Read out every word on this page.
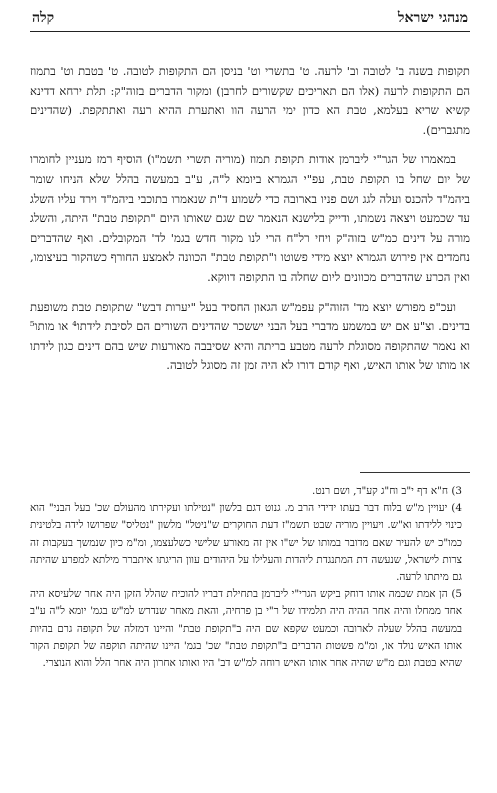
מנהגי ישראל
קלה

תקופות בשנה ב' לטובה וב' לרעה. ט' בתשרי וט' בניסן הם התקופות לטובה. ט' בטבת וט' בתמוז הם התקופות לרעה (אלו הם תאריכים שקשורים לחרבן) ומקור הדברים בזוה"ק: תלת ירחא דדינא קשיא שריא בעלמא, טבת הא כדון ימי הרעה הוו ואתערת ההיא רעה ואתתקפת. (שהדינים מתגברים).

במאמרו של הגר"י ליברמן אודות תקופת תמוז (מוריה תשרי תשמ"ו) הוסיף רמז מעניין לחומרו של יום שחל בו תקופת טבת, עפ"י הגמרא ביומא ל"ה, ע"ב במעשה בהלל שלא הניחו שומר ביהמ"ד להכנס ועלה לגג ושם פניו בארובה כדי לשמוע ד"ת שנאמרו בתוכבי ביהמ"ד וירד עליו השלג עד שכמעט ויצאה נשמתו, ודייק בלישנא הנאמר שם שגם שאותו היום "תקופת טבת" היתה, והשלג מורה על דינים כמ"ש בזוה"ק ויחי רל"ח הרי לנו מקור חדש בגמ' לד' המקובלים. ואף שהדברים נחמדים אין פירוש הגמרא יוצא מידי פשוטו ו"תקופת טבת" הכוונה לאמצע החורף כשהקור בעיצומו, ואין הכרע שהדברים מכוונים ליום שחלה בו התקופה דווקא.

ועכ"פ מפורש יוצא מד' הזוה"ק עפמ"ש הגאון החסיד בעל "יערות דבש" שתקופת טבת משופעת בדינים. וצ"ע אם יש במשמע מדברי בעל הבני יששכר שהדינים השורים הם לסיבת לידתו⁴ או מותו⁵ וא נאמר שהתקופה מסוגלת לרעה מטבע בריתה והיא שסיבבה מאורעות שיש בהם דינים כגון לידתו או מותו של אותו האיש, ואף קודם דורו לא היה זמן זה מסוגל לטובה.

3) ח"א דף י"ב וח"ג קע"ד, ושם רנט.

4) יעויין מ"ש בלוח דבר בעתו ידידי הרב מ. גנוט דגם בלשון "נטילתו ועקירתו מהעולם שכ' בעל הבני" הוא כינוי ללידתו וא"ש. ויעויין מוריה שבט תשמ"ז דעת החוקרים ש"ניטל" מלשון "נטליס" שפרושו לידה בלטינית כמו"כ יש להעיר שאם מדובר במותו של יש"ו אין זה מאורע שלישי כשלעצמו, ומ"מ כיון שנמשך בעקבות זה צרות לישראל, שנעשה דת המתנגדת ליהדות והעלילו על היהודים עוון הריגתו איתברר מילתא למפרע שהיתה גם מיתתו לרעה.

5) הן אמת שכמה אותו דוחק ביקש הגרי"י ליברמן בתחילת דבריו להוכיח שהלל הזקן היה אחר שלעיסא היה אחד ממחלו והיה אחר ההיה היה תלמידו של ר"י בן פרחיה, והאת מאחר שנדרש למ"ש בגמ' יומא ל"ה ע"ב במעשה בהלל שעלה לארובה וכמעט שקפא שם היה ב"תקופת טבת" והיינו דמזלה של תקופה גרם בהיות אותו האיש נולד או, ומ"מ פשטות הדברים ב"תקופת טבת" שכ' בגמ' היינו שהיתה תוקפה של תקופת הקור שהיא בטבת וגם מ"ש שהיה אחר אותו האיש רוחה למ"ש דב' היו ואותו אחרון היה אחר הלל והוא הנוצרי.
